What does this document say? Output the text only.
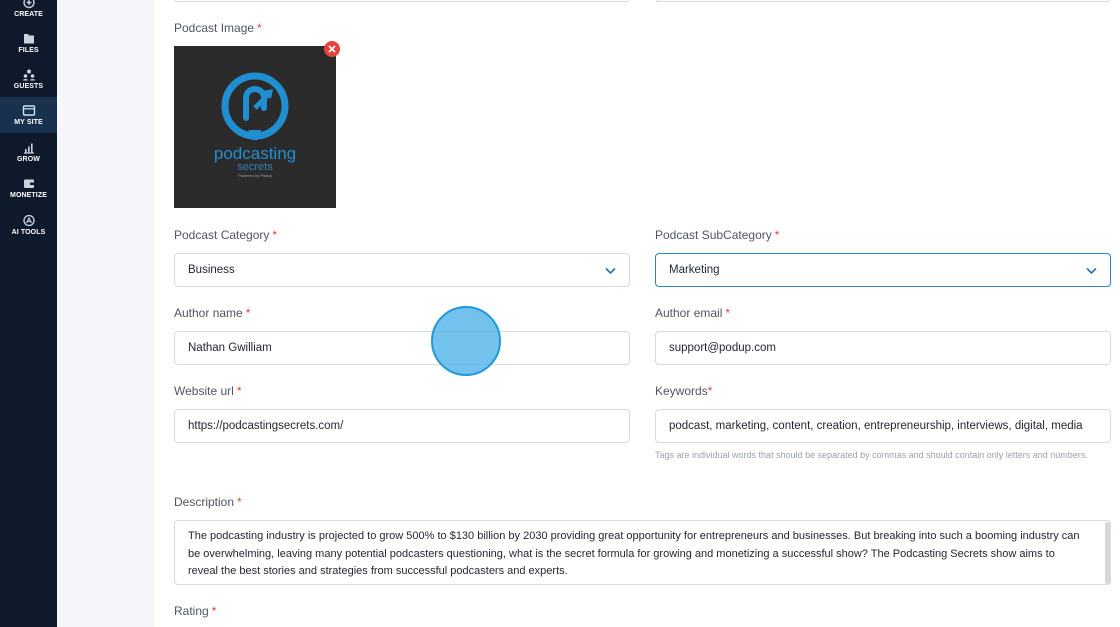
CREATE
FILES
GUESTS
MY SITE
GROW
MONETIZE
AI TOOLS
Podcast Image *
podcasting
secrets
Powered by Podup
Podcast Category *
Business
Podcast SubCategory *
Marketing
Author name *
Nathan Gwilliam
Author email *
support@podup.com
Website url *
https://podcastingsecrets.com/
Keywords*
podcast, marketing, content, creation, entrepreneurship, interviews, digital, media
Tags are individual words that should be separated by commas and should contain only letters and numbers.
Description *
The podcasting industry is projected to grow 500% to $130 billion by 2030 providing great opportunity for entrepreneurs and businesses. But breaking into such a booming industry can be overwhelming, leaving many potential podcasters questioning, what is the secret formula for growing and monetizing a successful show? The Podcasting Secrets show aims to reveal the best stories and strategies from successful podcasters and experts.
Rating *
